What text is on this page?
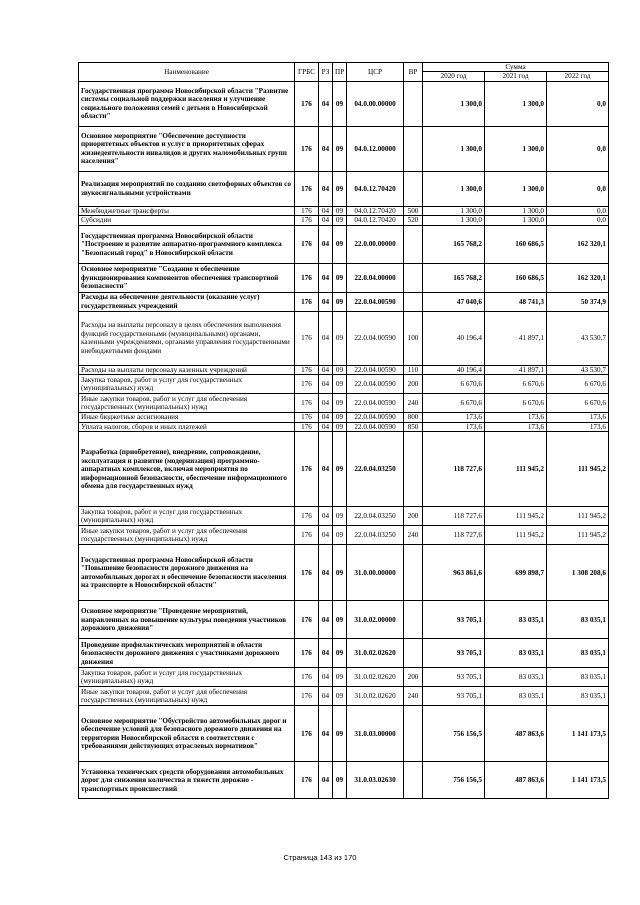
Наименование	ГРБС	РЗ	ПР	ЦСР	ВР	Сумма		
						2020 год	2021 год	2022 год
Государственная программа Новосибирской области "Развитие системы социальной поддержки населения и улучшение социального положения семей с детьми в Новосибирской области"	176	04	09	04.0.00.00000		1 300,0	1 300,0	0,0
Основное мероприятие "Обеспечение доступности приоритетных объектов и услуг в приоритетных сферах жизнедеятельности инвалидов и других маломобильных групп населения"	176	04	09	04.0.12.00000		1 300,0	1 300,0	0,0
Реализация мероприятий по созданию светофорных объектов со звукосигнальными устройствами	176	04	09	04.0.12.70420		1 300,0	1 300,0	0,0
Межбюджетные трансферты	176	04	09	04.0.12.70420	500	1 300,0	1 300,0	0,0
Субсидии	176	04	09	04.0.12.70420	520	1 300,0	1 300,0	0,0
Государственная программа Новосибирской области "Построение и развитие аппаратно-программного комплекса "Безопасный город" в Новосибирской области	176	04	09	22.0.00.00000		165 768,2	160 686,5	162 320,1
Основное мероприятие "Создание и обеспечение функционирования компонентов обеспечения транспортной безопасности"	176	04	09	22.0.04.00000		165 768,2	160 686,5	162 320,1
Расходы на обеспечение деятельности (оказание услуг) государственных учреждений	176	04	09	22.0.04.00590		47 040,6	48 741,3	50 374,9
Расходы на выплаты персоналу в целях обеспечения выполнения функций государственными (муниципальными) органами, казенными учреждениями, органами управления государственными внебюджетными фондами	176	04	09	22.0.04.00590	100	40 196,4	41 897,1	43 530,7
Расходы на выплаты персоналу казенных учреждений	176	04	09	22.0.04.00590	110	40 196,4	41 897,1	43 530,7
Закупка товаров, работ и услуг для государственных (муниципальных) нужд	176	04	09	22.0.04.00590	200	6 670,6	6 670,6	6 670,6
Иные закупки товаров, работ и услуг для обеспечения государственных (муниципальных) нужд	176	04	09	22.0.04.00590	240	6 670,6	6 670,6	6 670,6
Иные бюджетные ассигнования	176	04	09	22.0.04.00590	800	173,6	173,6	173,6
Уплата налогов, сборов и иных платежей	176	04	09	22.0.04.00590	850	173,6	173,6	173,6
Разработка (приобретение), внедрение, сопровождение, эксплуатация и развитие (модернизация) программно-аппаратных комплексов, включая мероприятия по информационной безопасности, обеспечение информационного обмена для государственных нужд	176	04	09	22.0.04.03250		118 727,6	111 945,2	111 945,2
Закупка товаров, работ и услуг для государственных (муниципальных) нужд	176	04	09	22.0.04.03250	200	118 727,6	111 945,2	111 945,2
Иные закупки товаров, работ и услуг для обеспечения государственных (муниципальных) нужд	176	04	09	22.0.04.03250	240	118 727,6	111 945,2	111 945,2
Государственная программа Новосибирской области "Повышение безопасности дорожного движения на автомобильных дорогах и обеспечение безопасности населения на транспорте в Новосибирской области"	176	04	09	31.0.00.00000		963 861,6	699 898,7	1 308 208,6
Основное мероприятие "Проведение мероприятий, направленных на повышение культуры поведения участников дорожного движения"	176	04	09	31.0.02.00000		93 705,1	83 035,1	83 035,1
Проведение профилактических мероприятий в области безопасности дорожного движения с участниками дорожного движения	176	04	09	31.0.02.02620		93 705,1	83 035,1	83 035,1
Закупка товаров, работ и услуг для государственных (муниципальных) нужд	176	04	09	31.0.02.02620	200	93 705,1	83 035,1	83 035,1
Иные закупки товаров, работ и услуг для обеспечения государственных (муниципальных) нужд	176	04	09	31.0.02.02620	240	93 705,1	83 035,1	83 035,1
Основное мероприятие "Обустройство автомобильных дорог и обеспечение условий для безопасного дорожного движения на территории Новосибирской области в соответствии с требованиями действующих отраслевых нормативов"	176	04	09	31.0.03.00000		756 156,5	487 863,6	1 141 173,5
Установка технических средств оборудования автомобильных дорог для снижения количества и тяжести дорожно - транспортных происшествий	176	04	09	31.0.03.02630		756 156,5	487 863,6	1 141 173,5
Страница 143 из 170
